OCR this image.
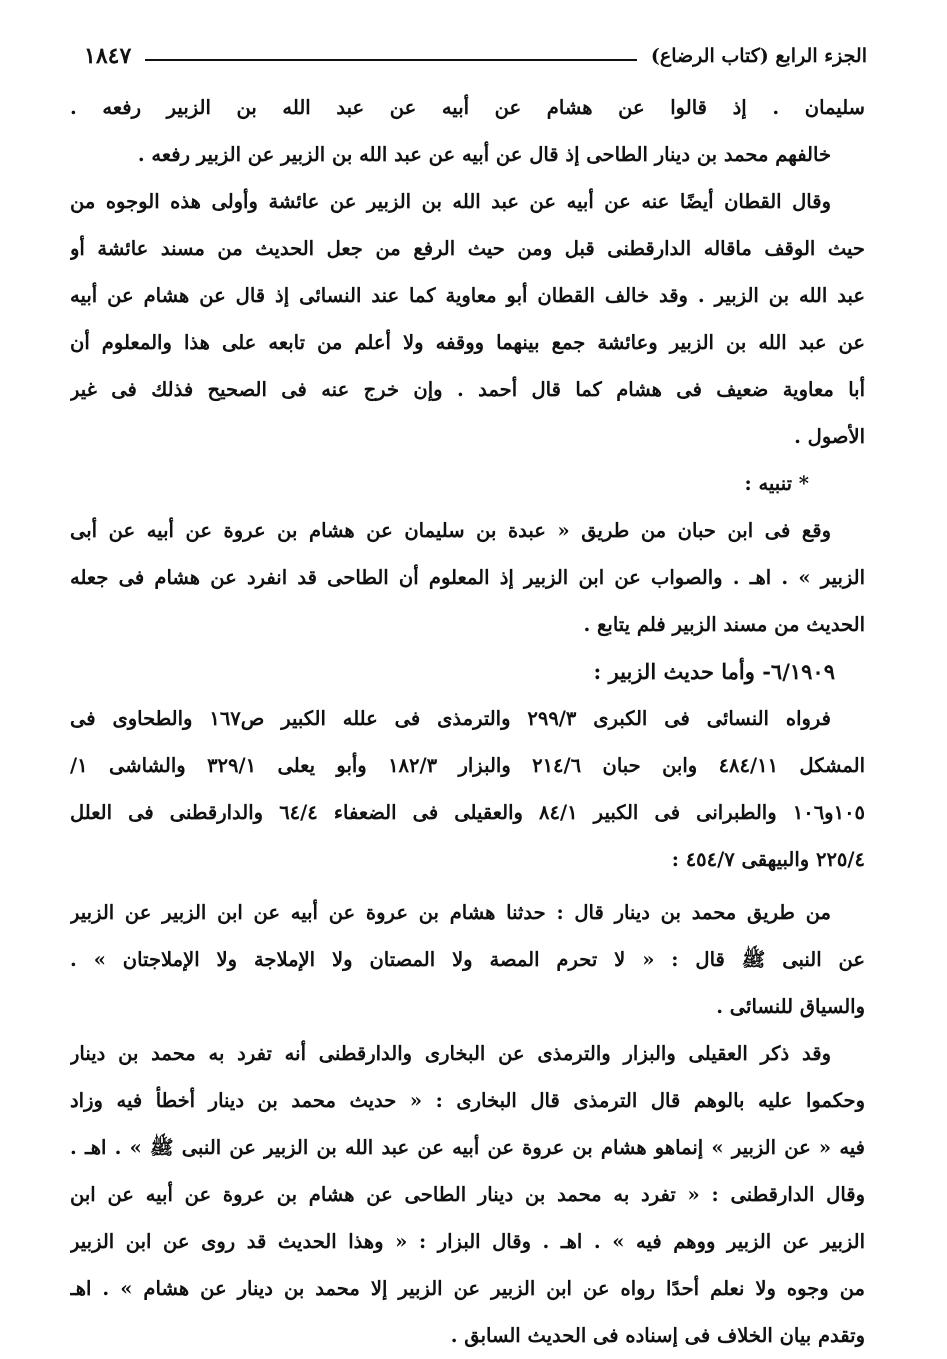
الجزء الرابع (كتاب الرضاع)
١٨٤٧
سليمان . إذ قالوا عن هشام عن أبيه عن عبد الله بن الزبير رفعه .
خالفهم محمد بن دينار الطاحى إذ قال عن أبيه عن عبد الله بن الزبير عن الزبير رفعه .
وقال القطان أيضًا عنه عن أبيه عن عبد الله بن الزبير عن عائشة وأولى هذه الوجوه من
حيث الوقف ماقاله الدارقطنى قبل ومن حيث الرفع من جعل الحديث من مسند عائشة أو
عبد الله بن الزبير . وقد خالف القطان أبو معاوية كما عند النسائى إذ قال عن هشام عن أبيه
عن عبد الله بن الزبير وعائشة جمع بينهما ووقفه ولا أعلم من تابعه على هذا والمعلوم أن
أبا معاوية ضعيف فى هشام كما قال أحمد . وإن خرج عنه فى الصحيح فذلك فى غير
الأصول .
* تنبيه :
وقع فى ابن حبان من طريق « عبدة بن سليمان عن هشام بن عروة عن أبيه عن أبى
الزبير » . اهـ . والصواب عن ابن الزبير إذ المعلوم أن الطاحى قد انفرد عن هشام فى جعله
الحديث من مسند الزبير فلم يتابع .
٦/١٩٠٩- وأما حديث الزبير :
فرواه النسائى فى الكبرى ٢٩٩/٣ والترمذى فى علله الكبير ص١٦٧ والطحاوى فى
المشكل ٤٨٤/١١ وابن حبان ٢١٤/٦ والبزار ١٨٢/٣ وأبو يعلى ٣٢٩/١ والشاشى ١/
١٠٥و١٠٦ والطبرانى فى الكبير ٨٤/١ والعقيلى فى الضعفاء ٦٤/٤ والدارقطنى فى العلل
٢٢٥/٤ والبيهقى ٤٥٤/٧ :
من طريق محمد بن دينار قال : حدثنا هشام بن عروة عن أبيه عن ابن الزبير عن الزبير
عن النبى ﷺ قال : « لا تحرم المصة ولا المصتان ولا الإملاجة ولا الإملاجتان » .
والسياق للنسائى .
وقد ذكر العقيلى والبزار والترمذى عن البخارى والدارقطنى أنه تفرد به محمد بن دينار
وحكموا عليه بالوهم قال الترمذى قال البخارى : « حديث محمد بن دينار أخطأ فيه وزاد
فيه « عن الزبير » إنماهو هشام بن عروة عن أبيه عن عبد الله بن الزبير عن النبى ﷺ » . اهـ .
وقال الدارقطنى : « تفرد به محمد بن دينار الطاحى عن هشام بن عروة عن أبيه عن ابن
الزبير عن الزبير ووهم فيه » . اهـ . وقال البزار : « وهذا الحديث قد روى عن ابن الزبير
من وجوه ولا نعلم أحدًا رواه عن ابن الزبير عن الزبير إلا محمد بن دينار عن هشام » . اهـ
وتقدم بيان الخلاف فى إسناده فى الحديث السابق .
